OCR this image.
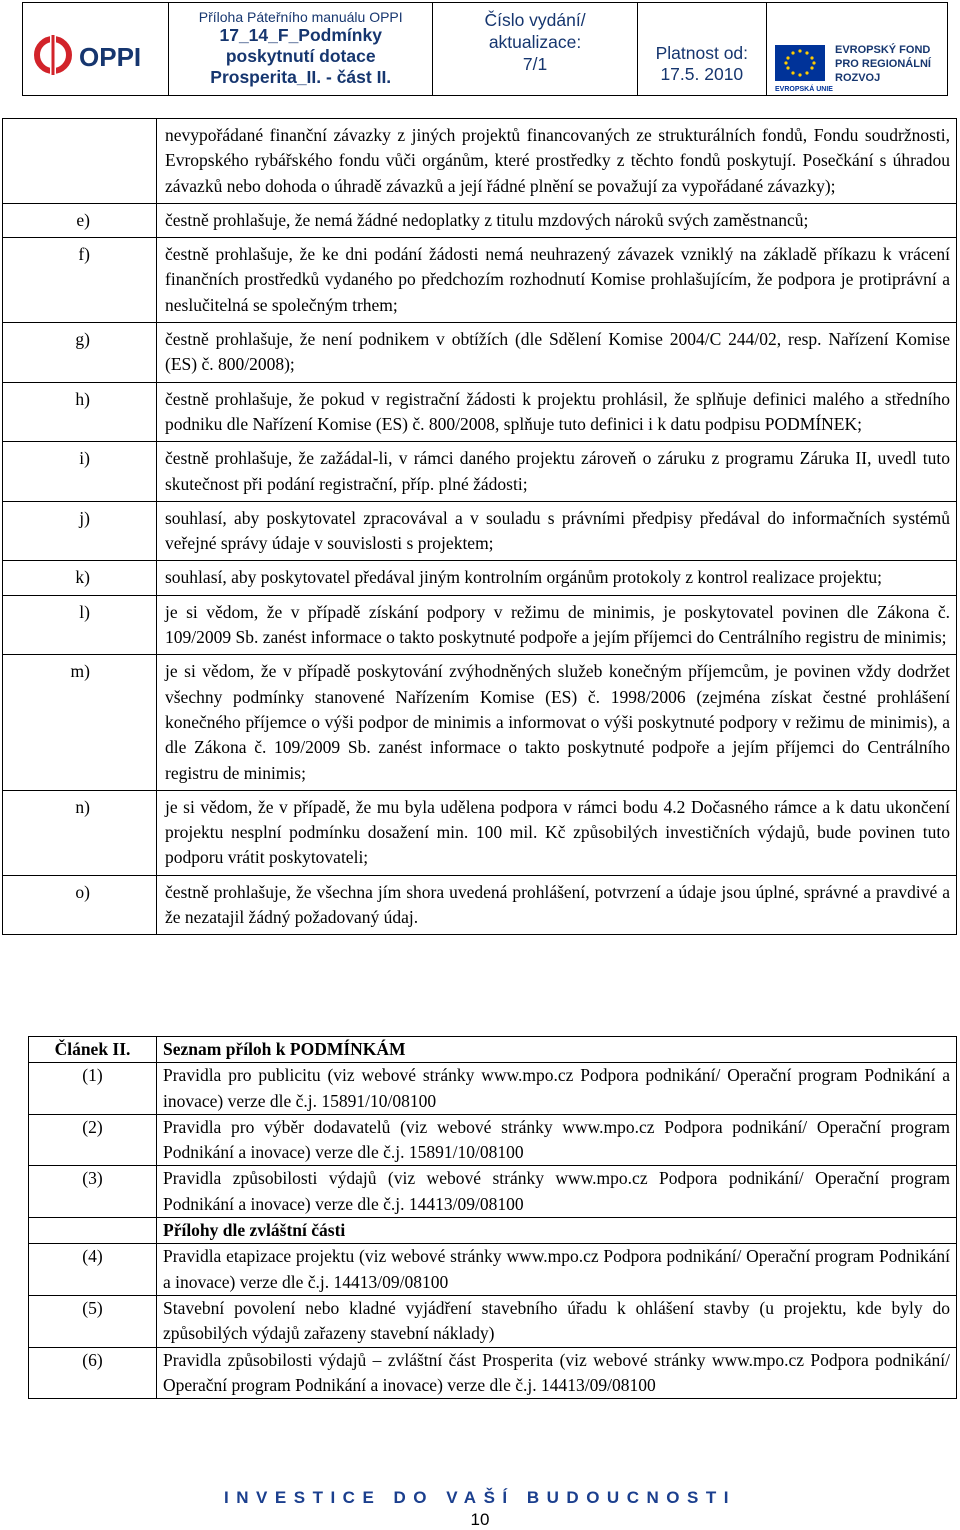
OPPI

Příloha Páteřního manuálu OPPI
17_14_F_Podmínky
poskytnutí dotace
Prosperita_II. - část II.

Číslo vydání/
aktualizace:
7/1

Platnost od:
17.5. 2010

EVROPSKÁ UNIE
EVROPSKÝ FOND
PRO REGIONÁLNÍ
ROZVOJ
	nevypořádané finanční závazky z jiných projektů financovaných ze strukturálních fondů, Fondu soudržnosti, Evropského rybářského fondu vůči orgánům, které prostředky z těchto fondů poskytují. Posečkání s úhradou závazků nebo dohoda o úhradě závazků a její řádné plnění se považují za vypořádané závazky);
e)	čestně prohlašuje, že nemá žádné nedoplatky z titulu mzdových nároků svých zaměstnanců;
f)	čestně prohlašuje, že ke dni podání žádosti nemá neuhrazený závazek vzniklý na základě příkazu k vrácení finančních prostředků vydaného po předchozím rozhodnutí Komise prohlašujícím, že podpora je protiprávní a neslučitelná se společným trhem;
g)	čestně prohlašuje, že není podnikem v obtížích (dle Sdělení Komise 2004/C 244/02, resp. Nařízení Komise (ES) č. 800/2008);
h)	čestně prohlašuje, že pokud v registrační žádosti k projektu prohlásil, že splňuje definici malého a středního podniku dle Nařízení Komise (ES) č. 800/2008, splňuje tuto definici i k datu podpisu PODMÍNEK;
i)	čestně prohlašuje, že zažádal-li, v rámci daného projektu zároveň o záruku z programu Záruka II, uvedl tuto skutečnost při podání registrační, příp. plné žádosti;
j)	souhlasí, aby poskytovatel zpracovával a v souladu s právními předpisy předával do informačních systémů veřejné správy údaje v souvislosti s projektem;
k)	souhlasí, aby poskytovatel předával jiným kontrolním orgánům protokoly z kontrol realizace projektu;
l)	je si vědom, že v případě získání podpory v režimu de minimis, je poskytovatel povinen dle Zákona č. 109/2009 Sb. zanést informace o takto poskytnuté podpoře a jejím příjemci do Centrálního registru de minimis;
m)	je si vědom, že v případě poskytování zvýhodněných služeb konečným příjemcům, je povinen vždy dodržet všechny podmínky stanovené Nařízením Komise (ES) č. 1998/2006 (zejména získat čestné prohlášení konečného příjemce o výši podpor de minimis a informovat o výši poskytnuté podpory v režimu de minimis), a dle Zákona č. 109/2009 Sb. zanést informace o takto poskytnuté podpoře a jejím příjemci do Centrálního registru de minimis;
n)	je si vědom, že v případě, že mu byla udělena podpora v rámci bodu 4.2 Dočasného rámce a k datu ukončení projektu nesplní podmínku dosažení min. 100 mil. Kč způsobilých investičních výdajů, bude povinen tuto podporu vrátit poskytovateli;
o)	čestně prohlašuje, že všechna jím shora uvedená prohlášení, potvrzení a údaje jsou úplné, správné a pravdivé a že nezatajil žádný požadovaný údaj.
Článek II.	Seznam příloh k PODMÍNKÁM
(1)	Pravidla pro publicitu (viz webové stránky www.mpo.cz Podpora podnikání/ Operační program Podnikání a inovace) verze dle č.j. 15891/10/08100
(2)	Pravidla pro výběr dodavatelů (viz webové stránky www.mpo.cz Podpora podnikání/ Operační program Podnikání a inovace) verze dle č.j. 15891/10/08100
(3)	Pravidla způsobilosti výdajů (viz webové stránky www.mpo.cz Podpora podnikání/ Operační program Podnikání a inovace) verze dle č.j. 14413/09/08100
	Přílohy dle zvláštní části
(4)	Pravidla etapizace projektu (viz webové stránky www.mpo.cz Podpora podnikání/ Operační program Podnikání a inovace) verze dle č.j. 14413/09/08100
(5)	Stavební povolení nebo kladné vyjádření stavebního úřadu k ohlášení stavby (u projektu, kde byly do způsobilých výdajů zařazeny stavební náklady)
(6)	Pravidla způsobilosti výdajů – zvláštní část Prosperita (viz webové stránky www.mpo.cz Podpora podnikání/ Operační program Podnikání a inovace) verze dle č.j. 14413/09/08100
INVESTICE DO VAŠÍ BUDOUCNOSTI
10
